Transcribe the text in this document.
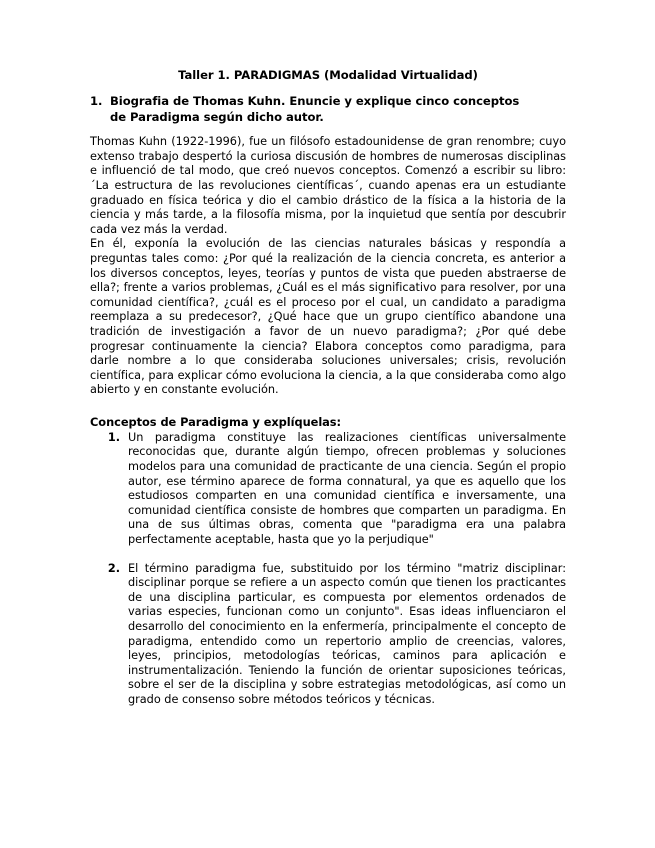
Taller 1. PARADIGMAS (Modalidad Virtualidad)
1. Biografia de Thomas Kuhn. Enuncie y explique cinco conceptos de Paradigma según dicho autor.

Thomas Kuhn (1922-1996), fue un filósofo estadounidense de gran renombre; cuyo extenso trabajo despertó la curiosa discusión de hombres de numerosas disciplinas e influenció de tal modo, que creó nuevos conceptos. Comenzó a escribir su libro: ´La estructura de las revoluciones científicas´, cuando apenas era un estudiante graduado en física teórica y dio el cambio drástico de la física a la historia de la ciencia y más tarde, a la filosofía misma, por la inquietud que sentía por descubrir cada vez más la verdad.

En él, exponía la evolución de las ciencias naturales básicas y respondía a preguntas tales como: ¿Por qué la realización de la ciencia concreta, es anterior a los diversos conceptos, leyes, teorías y puntos de vista que pueden abstraerse de ella?; frente a varios problemas, ¿Cuál es el más significativo para resolver, por una comunidad científica?, ¿cuál es el proceso por el cual, un candidato a paradigma reemplaza a su predecesor?, ¿Qué hace que un grupo científico abandone una tradición de investigación a favor de un nuevo paradigma?; ¿Por qué debe progresar continuamente la ciencia? Elabora conceptos como paradigma, para darle nombre a lo que consideraba soluciones universales; crisis, revolución científica, para explicar cómo evoluciona la ciencia, a la que consideraba como algo abierto y en constante evolución.

Conceptos de Paradigma y explíquelas:
1. Un paradigma constituye las realizaciones científicas universalmente reconocidas que, durante algún tiempo, ofrecen problemas y soluciones modelos para una comunidad de practicante de una ciencia. Según el propio autor, ese término aparece de forma connatural, ya que es aquello que los estudiosos comparten en una comunidad científica e inversamente, una comunidad científica consiste de hombres que comparten un paradigma. En una de sus últimas obras, comenta que "paradigma era una palabra perfectamente aceptable, hasta que yo la perjudique"
2. El término paradigma fue, substituido por los término "matriz disciplinar: disciplinar porque se refiere a un aspecto común que tienen los practicantes de una disciplina particular, es compuesta por elementos ordenados de varias especies, funcionan como un conjunto". Esas ideas influenciaron el desarrollo del conocimiento en la enfermería, principalmente el concepto de paradigma, entendido como un repertorio amplio de creencias, valores, leyes, principios, metodologías teóricas, caminos para aplicación e instrumentalización. Teniendo la función de orientar suposiciones teóricas, sobre el ser de la disciplina y sobre estrategias metodológicas, así como un grado de consenso sobre métodos teóricos y técnicas.
